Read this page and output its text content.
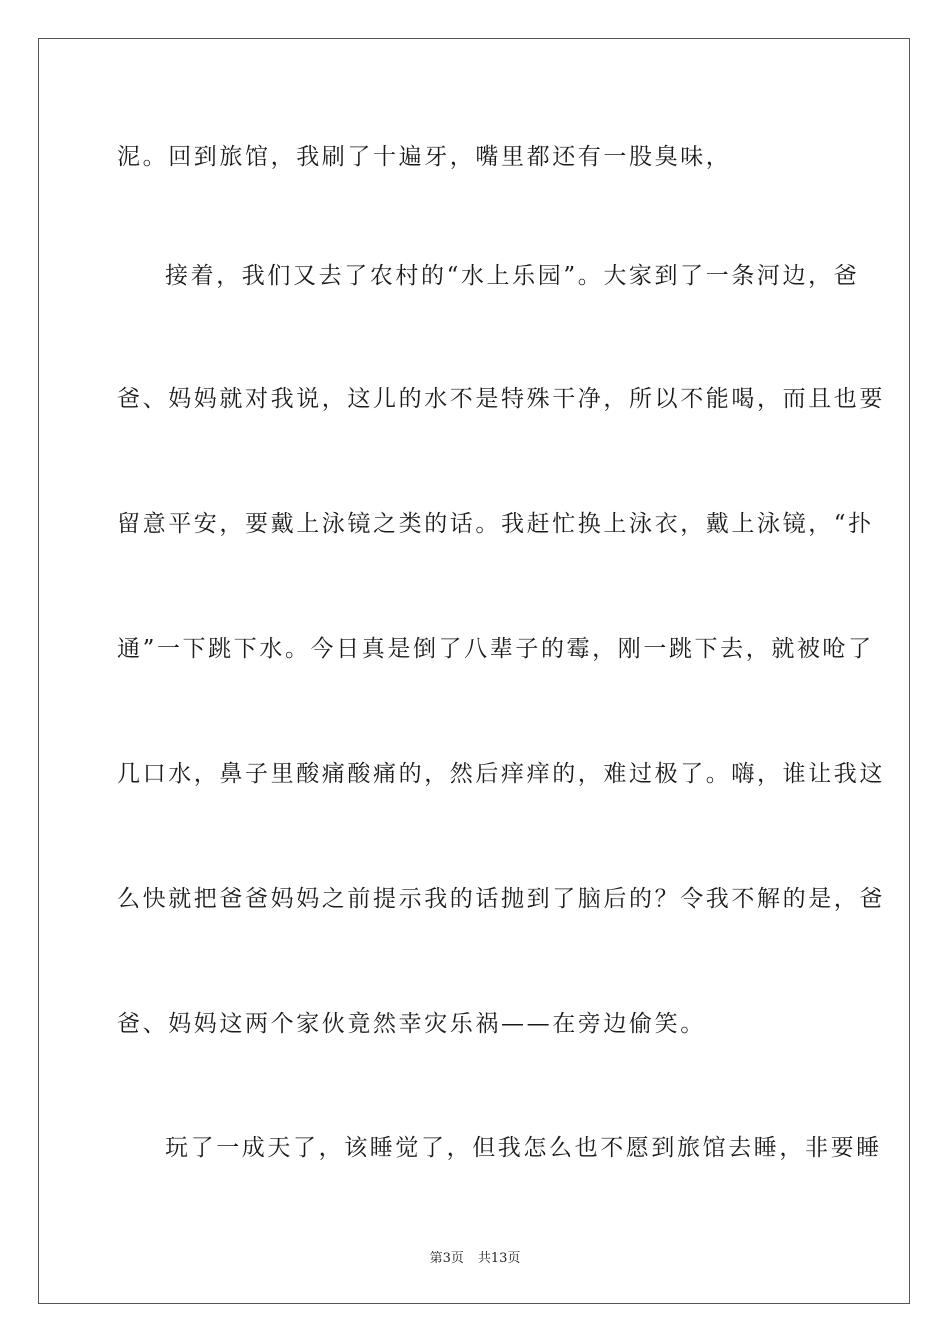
泥。回到旅馆，我刷了十遍牙，嘴里都还有一股臭味，
接着，我们又去了农村的“水上乐园”。大家到了一条河边，爸
爸、妈妈就对我说，这儿的水不是特殊干净，所以不能喝，而且也要
留意平安，要戴上泳镜之类的话。我赶忙换上泳衣，戴上泳镜，“扑
通”一下跳下水。今日真是倒了八辈子的霉，刚一跳下去，就被呛了
几口水，鼻子里酸痛酸痛的，然后痒痒的，难过极了。嗨，谁让我这
么快就把爸爸妈妈之前提示我的话抛到了脑后的？令我不解的是，爸
爸、妈妈这两个家伙竟然幸灾乐祸——在旁边偷笑。
玩了一成天了，该睡觉了，但我怎么也不愿到旅馆去睡，非要睡
第3页 共13页
